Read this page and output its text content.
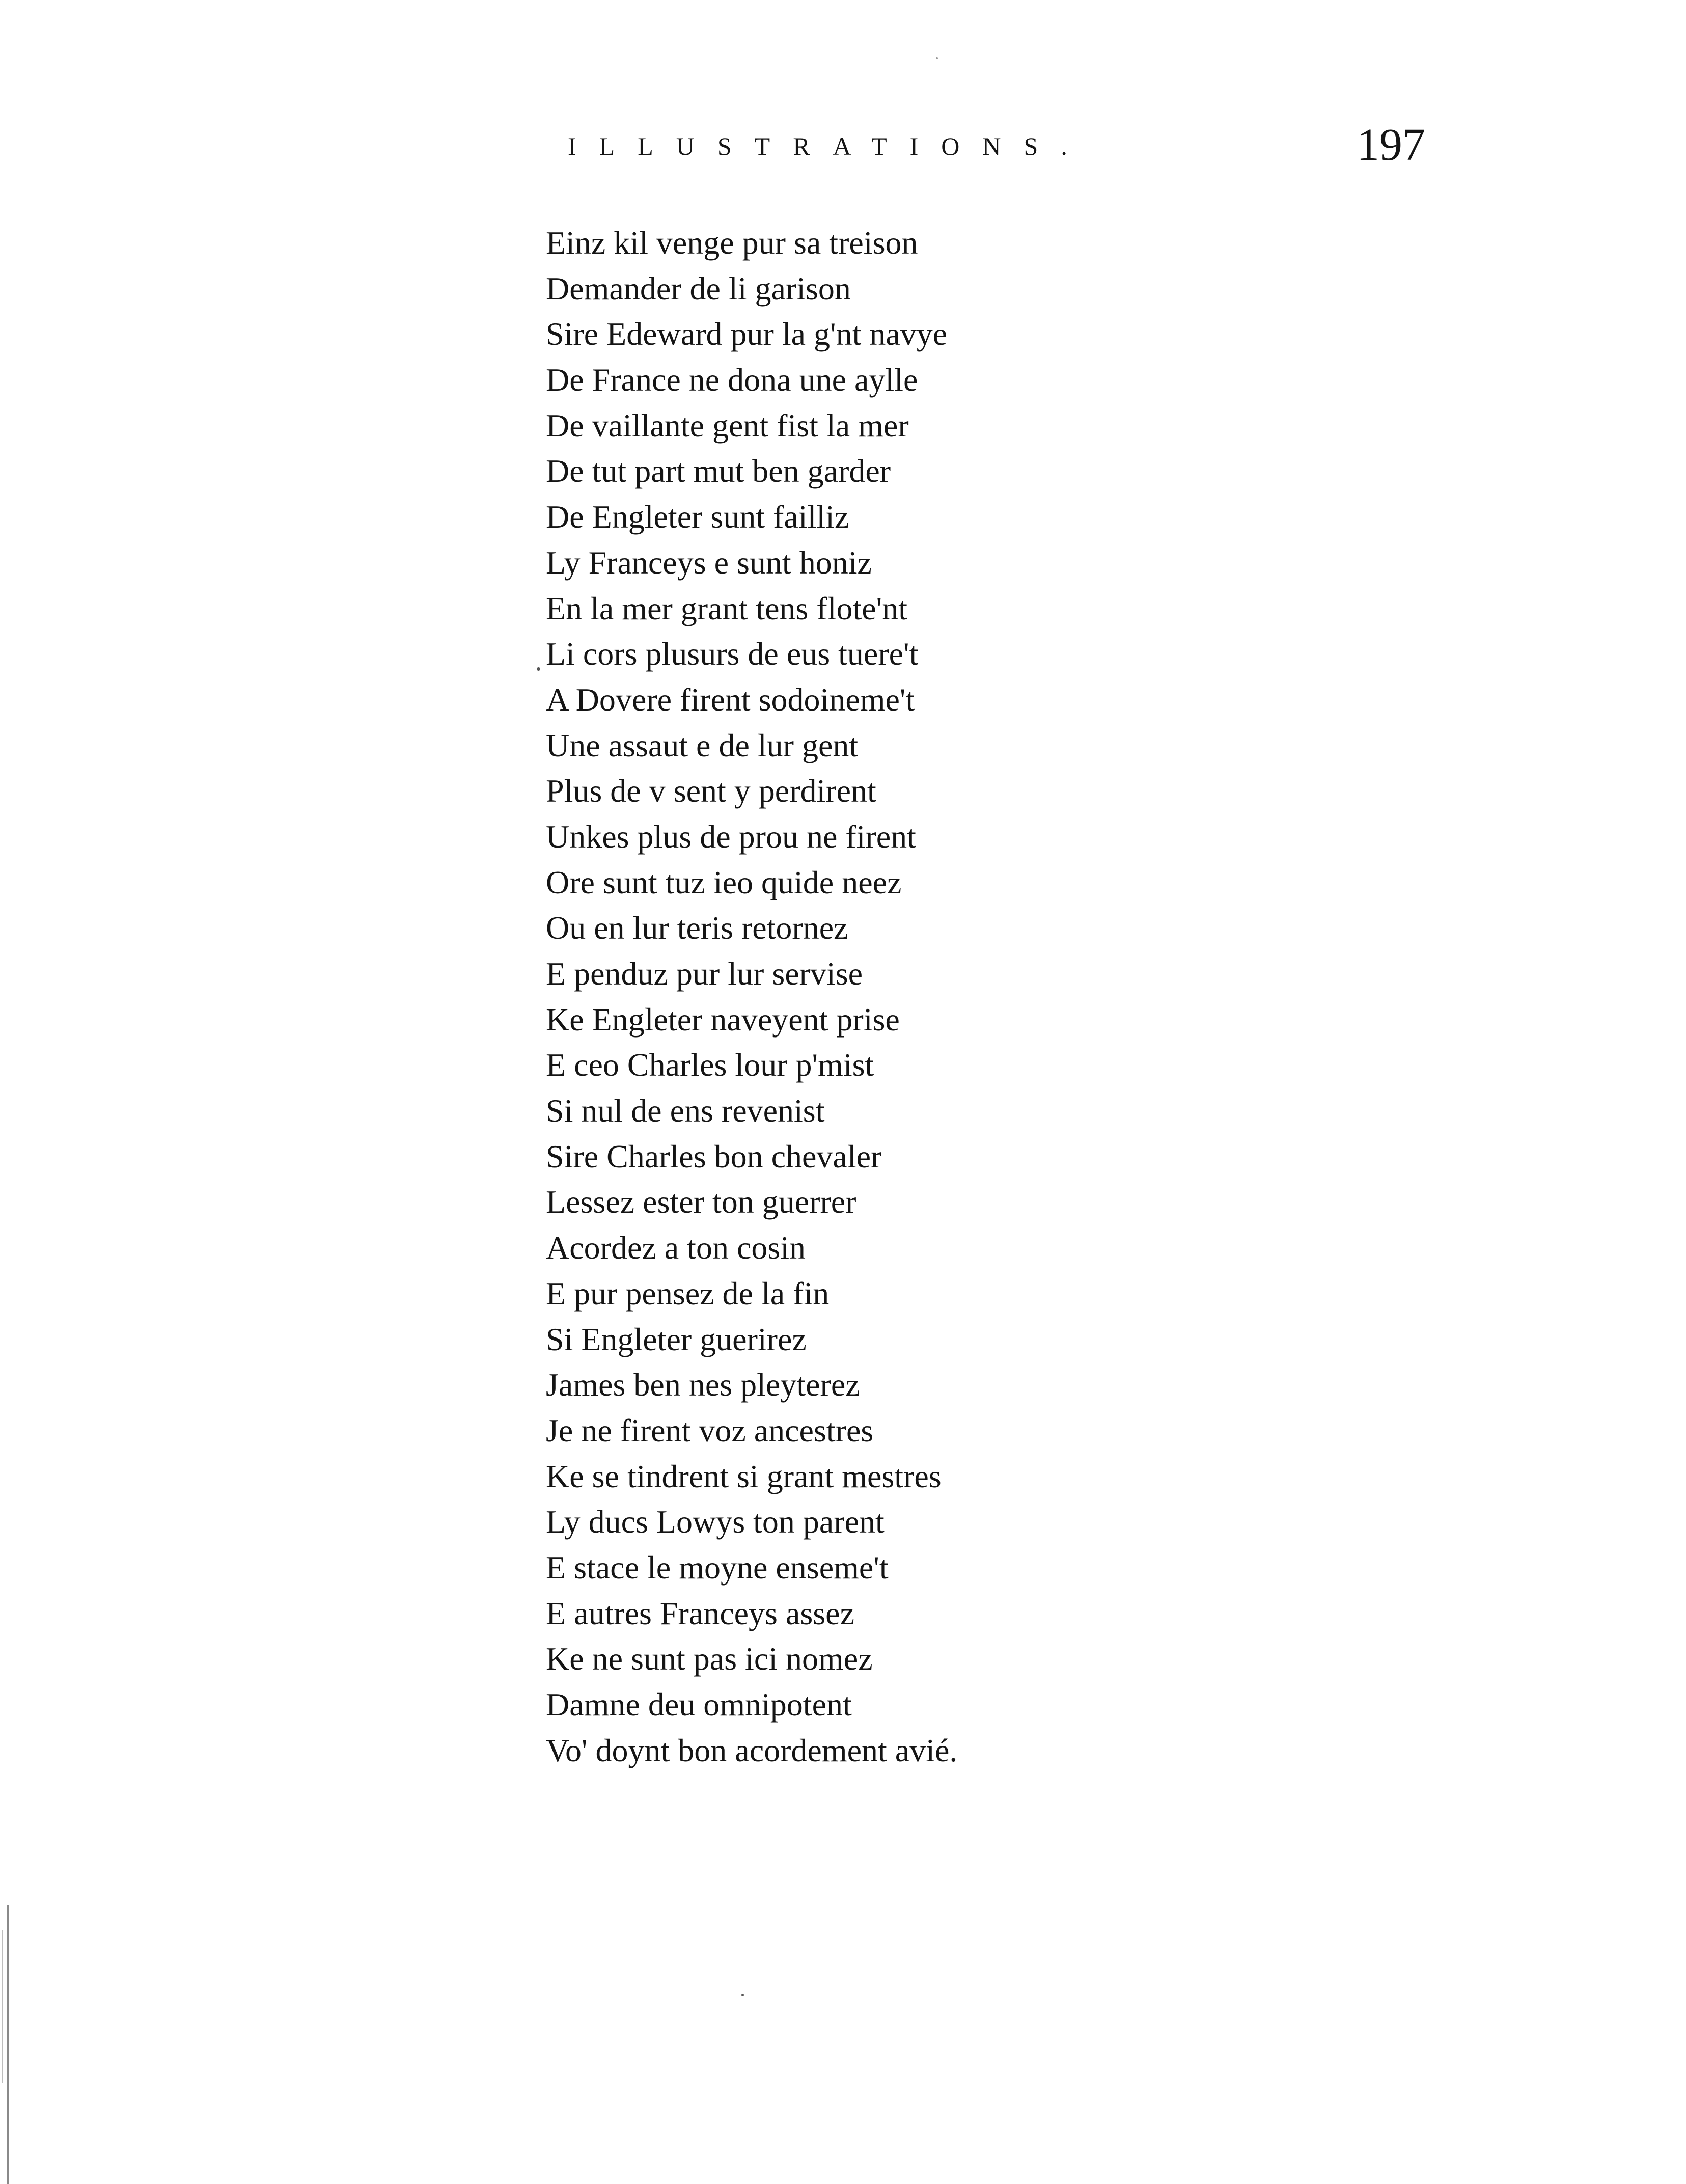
ILLUSTRATIONS.	197
Einz kil venge pur sa treison
Demander de li garison
Sire Edeward pur la g'nt navye
De France ne dona une aylle
De vaillante gent fist la mer
De tut part mut ben garder
De Engleter sunt failliz
Ly Franceys e sunt honiz
En la mer grant tens flote'nt
Li cors plusurs de eus tuere't
A Dovere firent sodoineme't
Une assaut e de lur gent
Plus de v sent y perdirent
Unkes plus de prou ne firent
Ore sunt tuz ieo quide neez
Ou en lur teris retornez
E penduz pur lur servise
Ke Engleter naveyent prise
E ceo Charles lour p'mist
Si nul de ens revenist
Sire Charles bon chevaler
Lessez ester ton guerrer
Acordez a ton cosin
E pur pensez de la fin
Si Engleter guerirez
James ben nes pleyterez
Je ne firent voz ancestres
Ke se tindrent si grant mestres
Ly ducs Lowys ton parent
E stace le moyne enseme't
E autres Franceys assez
Ke ne sunt pas ici nomez
Damne deu omnipotent
Vo' doynt bon acordement avié.
